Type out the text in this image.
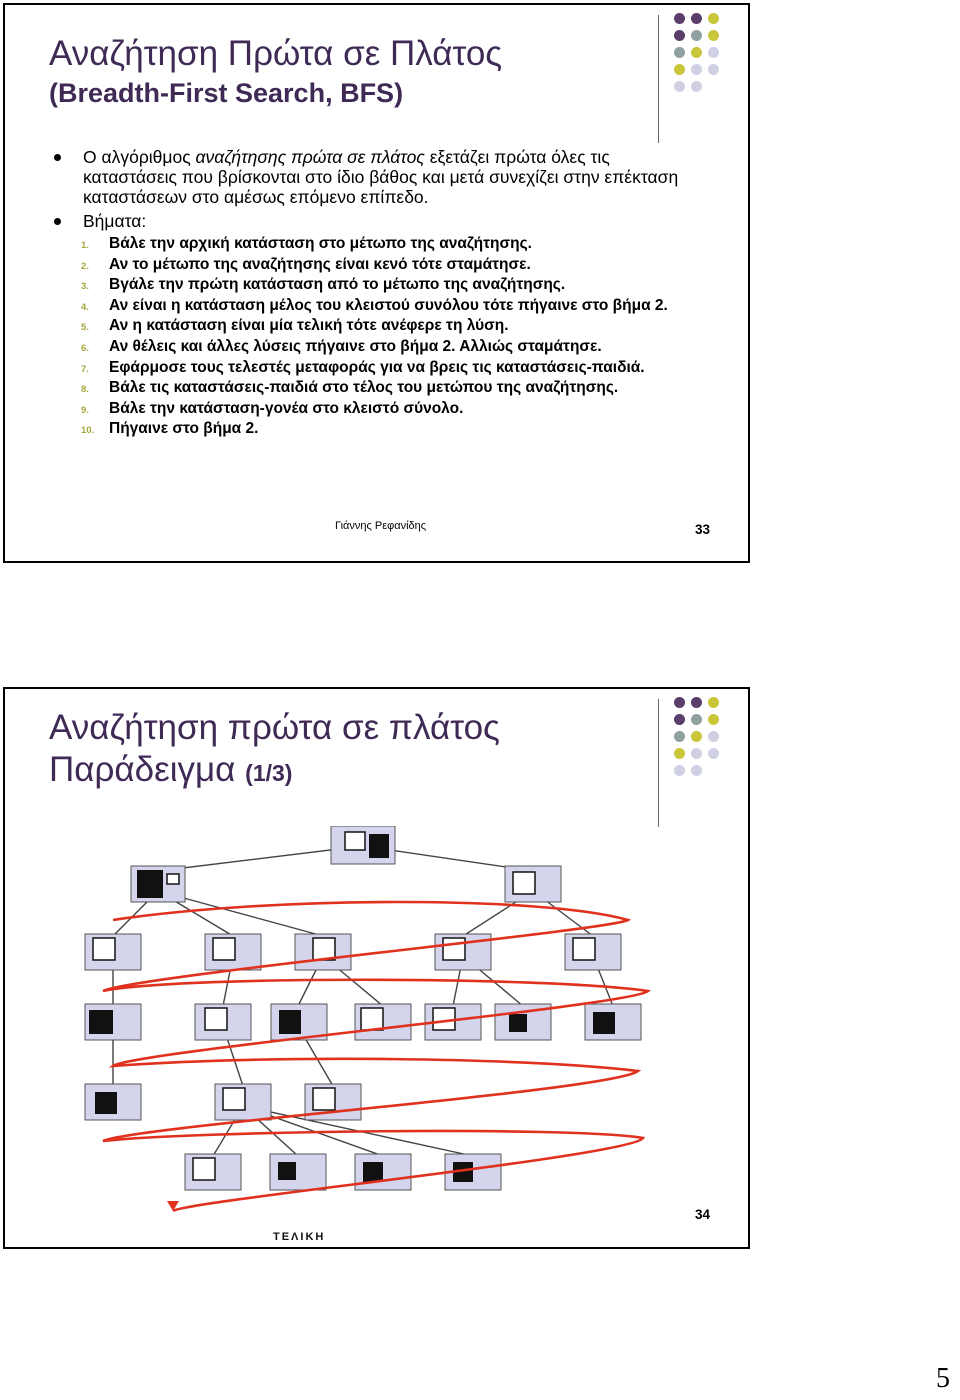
Αναζήτηση Πρώτα σε Πλάτος
(Breadth-First Search, BFS)
Ο αλγόριθμος αναζήτησης πρώτα σε πλάτος εξετάζει πρώτα όλες τις καταστάσεις που βρίσκονται στο ίδιο βάθος και μετά συνεχίζει στην επέκταση καταστάσεων στο αμέσως επόμενο επίπεδο.
Βήματα:
1. Βάλε την αρχική κατάσταση στο μέτωπο της αναζήτησης.
2. Αν το μέτωπο της αναζήτησης είναι κενό τότε σταμάτησε.
3. Βγάλε την πρώτη κατάσταση από το μέτωπο της αναζήτησης.
4. Αν είναι η κατάσταση μέλος του κλειστού συνόλου τότε πήγαινε στο βήμα 2.
5. Αν η κατάσταση είναι μία τελική τότε ανέφερε τη λύση.
6. Αν θέλεις και άλλες λύσεις πήγαινε στο βήμα 2. Αλλιώς σταμάτησε.
7. Εφάρμοσε τους τελεστές μεταφοράς για να βρεις τις καταστάσεις-παιδιά.
8. Βάλε τις καταστάσεις-παιδιά στο τέλος του μετώπου της αναζήτησης.
9. Βάλε την κατάσταση-γονέα στο κλειστό σύνολο.
10. Πήγαινε στο βήμα 2.
Γιάννης Ρεφανίδης	33
Αναζήτηση πρώτα σε πλάτος
Παράδειγμα (1/3)
ΤΕΛΙΚΗ
34
5
